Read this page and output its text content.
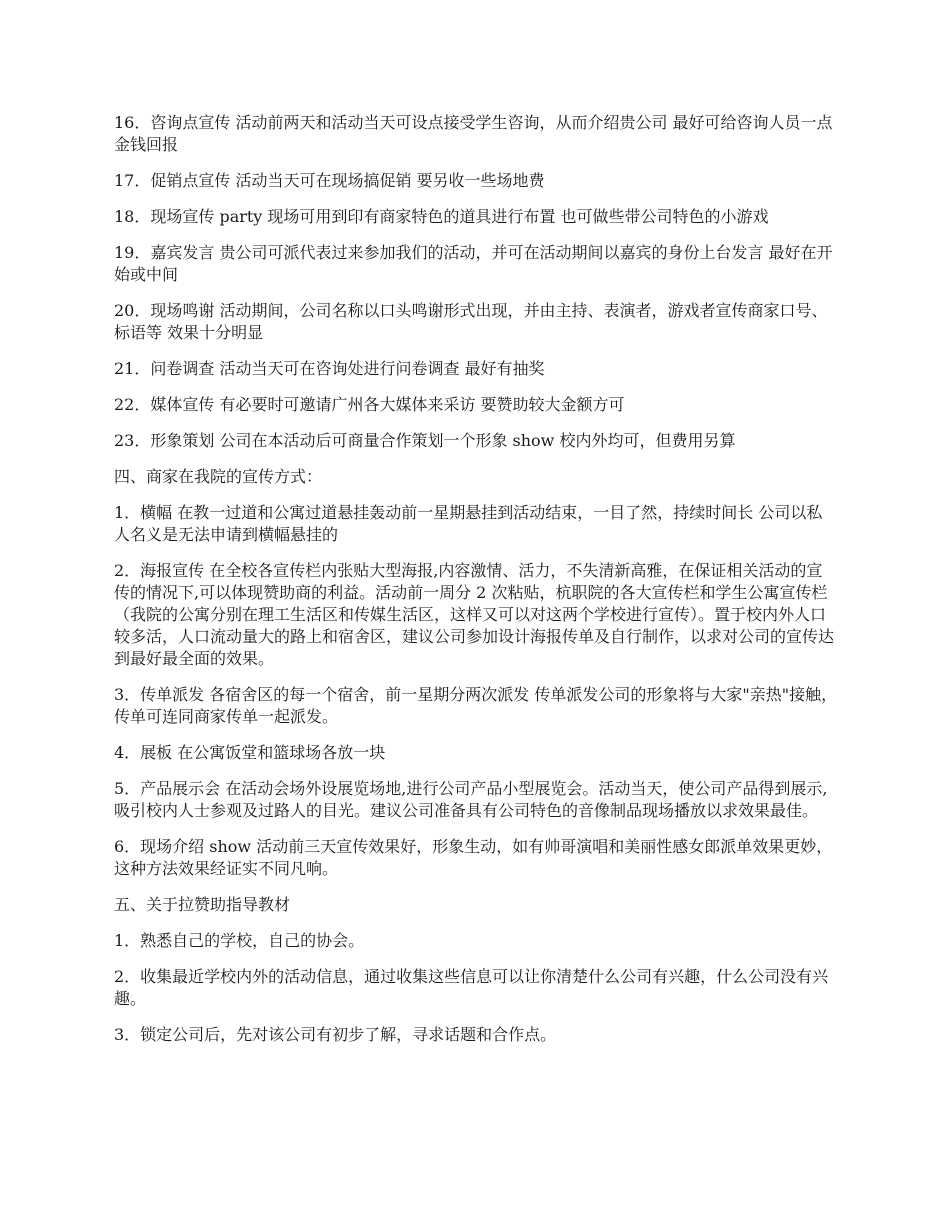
16．咨询点宣传 活动前两天和活动当天可设点接受学生咨询，从而介绍贵公司 最好可给咨询人员一点金钱回报

17．促销点宣传 活动当天可在现场搞促销 要另收一些场地费

18．现场宣传 party 现场可用到印有商家特色的道具进行布置 也可做些带公司特色的小游戏

19．嘉宾发言 贵公司可派代表过来参加我们的活动，并可在活动期间以嘉宾的身份上台发言 最好在开始或中间

20．现场鸣谢 活动期间，公司名称以口头鸣谢形式出现，并由主持、表演者，游戏者宣传商家口号、标语等 效果十分明显

21．问卷调查 活动当天可在咨询处进行问卷调查 最好有抽奖

22．媒体宣传 有必要时可邀请广州各大媒体来采访 要赞助较大金额方可

23．形象策划 公司在本活动后可商量合作策划一个形象 show 校内外均可，但费用另算

四、商家在我院的宣传方式：

1．横幅 在教一过道和公寓过道悬挂轰动前一星期悬挂到活动结束，一目了然，持续时间长 公司以私人名义是无法申请到横幅悬挂的

2．海报宣传 在全校各宣传栏内张贴大型海报,内容激情、活力，不失清新高雅，在保证相关活动的宣传的情况下,可以体现赞助商的利益。活动前一周分 2 次粘贴，杭职院的各大宣传栏和学生公寓宣传栏（我院的公寓分别在理工生活区和传媒生活区，这样又可以对这两个学校进行宣传）。置于校内外人口较多活，人口流动量大的路上和宿舍区，建议公司参加设计海报传单及自行制作，以求对公司的宣传达到最好最全面的效果。

3．传单派发 各宿舍区的每一个宿舍，前一星期分两次派发 传单派发公司的形象将与大家"亲热"接触，传单可连同商家传单一起派发。

4．展板 在公寓饭堂和篮球场各放一块

5．产品展示会 在活动会场外设展览场地,进行公司产品小型展览会。活动当天，使公司产品得到展示,吸引校内人士参观及过路人的目光。建议公司准备具有公司特色的音像制品现场播放以求效果最佳。

6．现场介绍 show 活动前三天宣传效果好，形象生动，如有帅哥演唱和美丽性感女郎派单效果更妙，这种方法效果经证实不同凡响。

五、关于拉赞助指导教材

1．熟悉自己的学校，自己的协会。

2．收集最近学校内外的活动信息，通过收集这些信息可以让你清楚什么公司有兴趣，什么公司没有兴趣。

3．锁定公司后，先对该公司有初步了解，寻求话题和合作点。
